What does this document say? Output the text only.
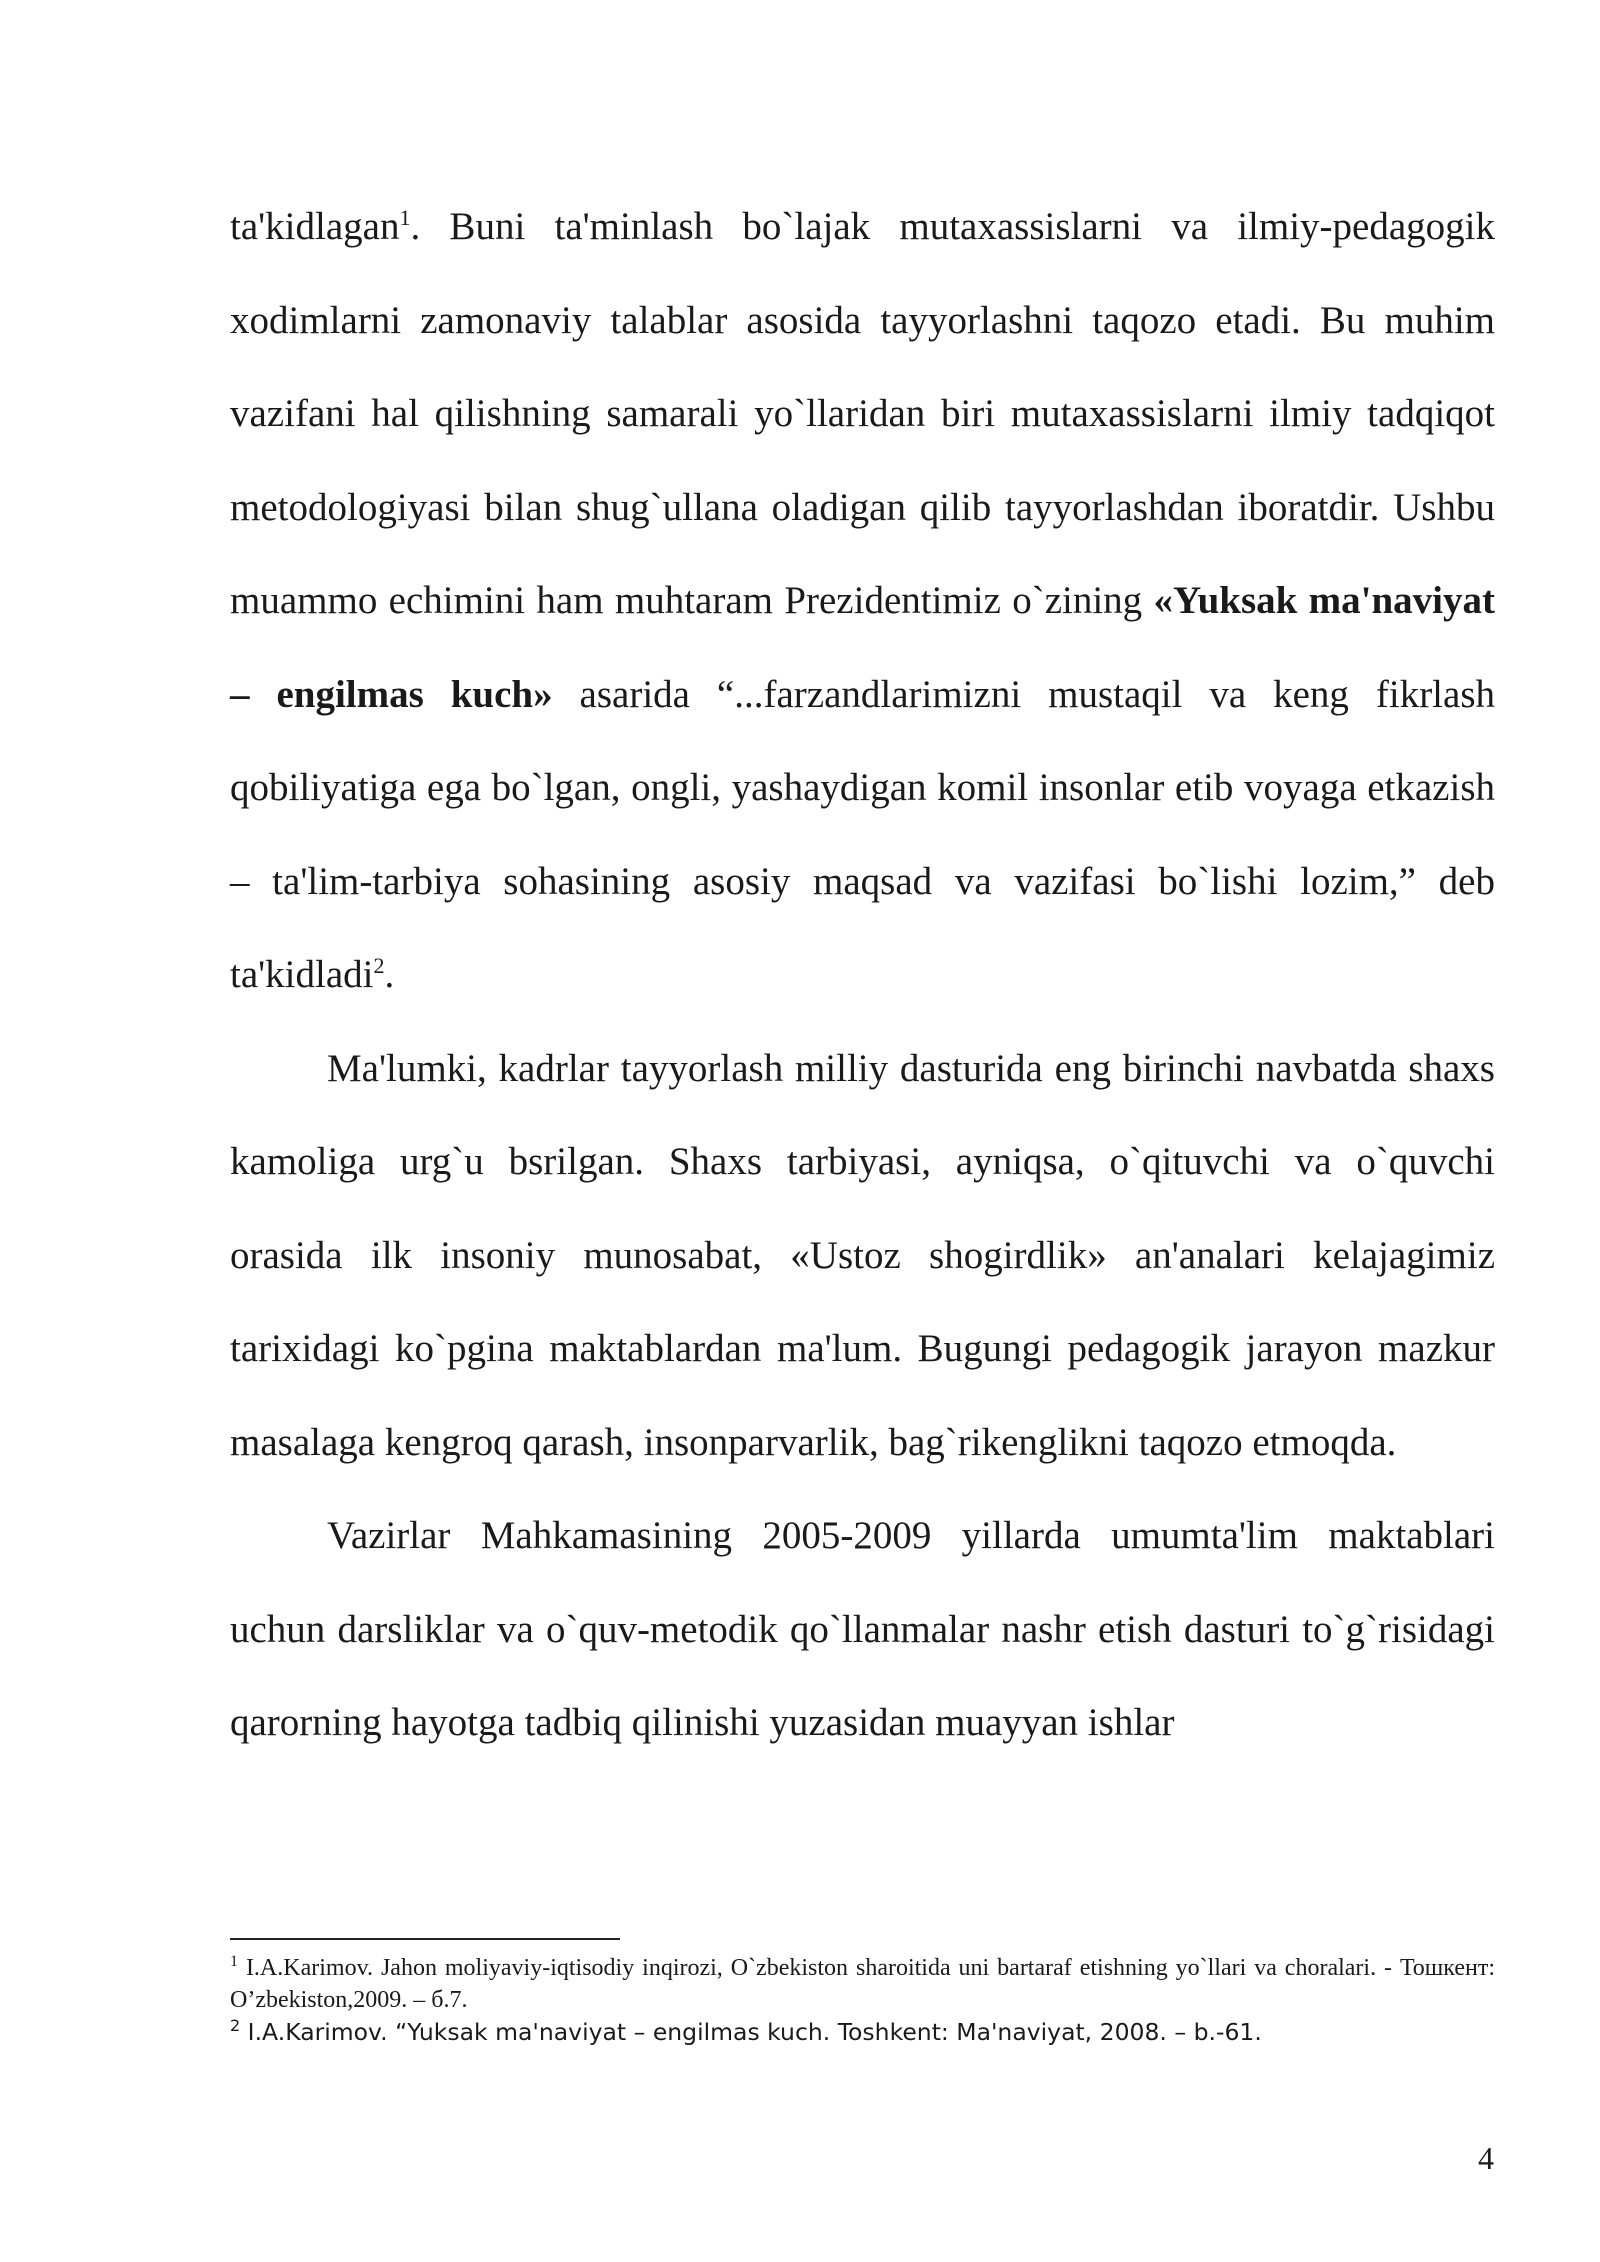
ta'kidlagan$^1$. Buni ta'minlash bo`lajak mutaxassislarni va ilmiy-pedagogik xodimlarni zamonaviy talablar asosida tayyorlashni taqozo etadi. Bu muhim vazifani hal qilishning samarali yo`llaridan biri mutaxassislarni ilmiy tadqiqot metodologiyasi bilan shug`ullana oladigan qilib tayyorlashdan iboratdir. Ushbu muammo echimini ham muhtaram Prezidentimiz o`zining «Yuksak ma'naviyat – engilmas kuch» asarida “...farzandlarimizni mustaqil va keng fikrlash qobiliyatiga ega bo`lgan, ongli, yashaydigan komil insonlar etib voyaga etkazish – ta'lim-tarbiya sohasining asosiy maqsad va vazifasi bo`lishi lozim,” deb ta'kidladi$^2$.

Ma'lumki, kadrlar tayyorlash milliy dasturida eng birinchi navbatda shaxs kamoliga urg`u bsrilgan. Shaxs tarbiyasi, ayniqsa, o`qituvchi va o`quvchi orasida ilk insoniy munosabat, «Ustoz shogirdlik» an'analari kelajagimiz tarixidagi ko`pgina maktablardan ma'lum. Bugungi pedagogik jarayon mazkur masalaga kengroq qarash, insonparvarlik, bag`rikenglikni taqozo etmoqda.

Vazirlar Mahkamasining 2005-2009 yillarda umumta'lim maktablari uchun darsliklar va o`quv-metodik qo`llanmalar nashr etish dasturi to`g`risidagi qarorning hayotga tadbiq qilinishi yuzasidan muayyan ishlar

$^1$ I.A.Karimov. Jahon moliyaviy-iqtisodiy inqirozi, O`zbekiston sharoitida uni bartaraf etishning yo`llari va choralari. - Тошкент: O’zbekiston,2009. – б.7.

$^2$ I.A.Karimov. “Yuksak ma'naviyat – engilmas kuch. Toshkent: Ma'naviyat, 2008. – b.-61.

4
